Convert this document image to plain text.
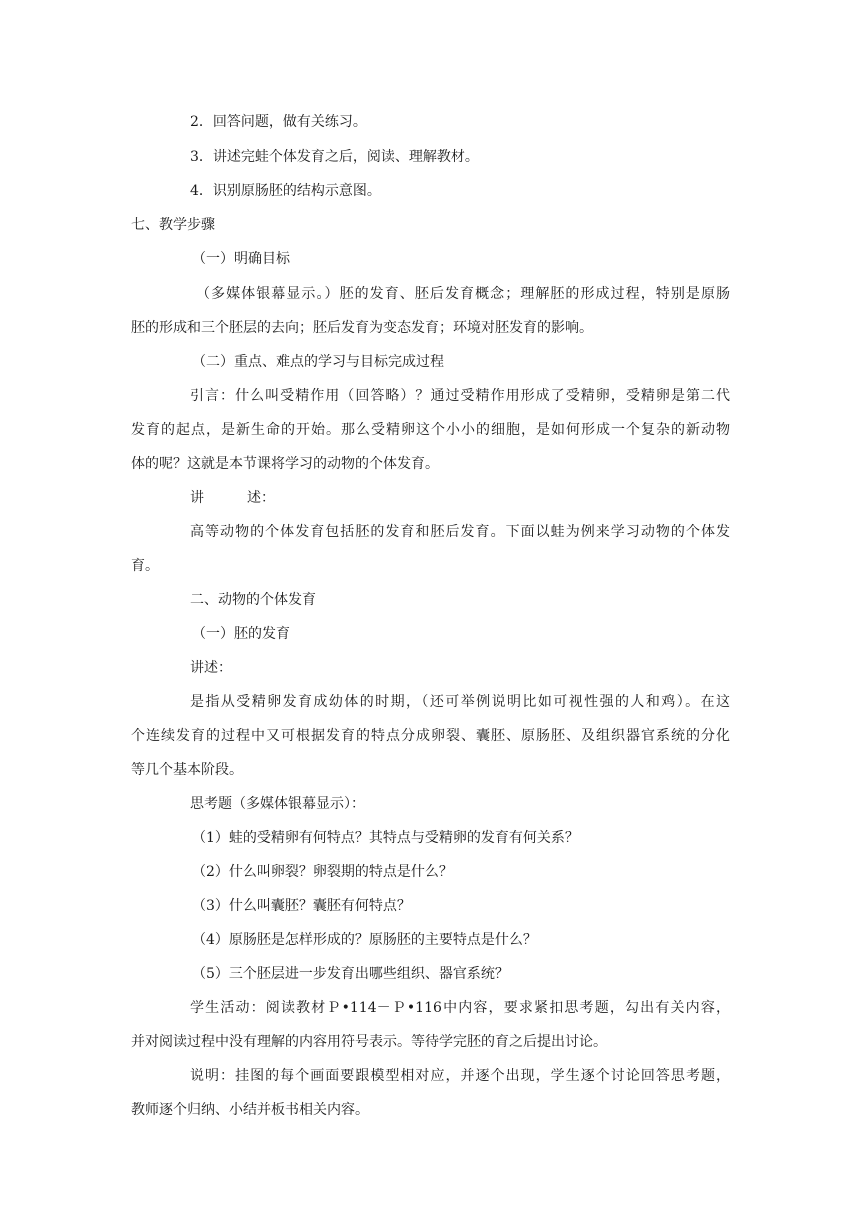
2．回答问题，做有关练习。
3．讲述完蛙个体发育之后，阅读、理解教材。
4．识别原肠胚的结构示意图。
七、教学步骤
（一）明确目标
（多媒体银幕显示。）胚的发育、胚后发育概念；理解胚的形成过程，特别是原肠
胚的形成和三个胚层的去向；胚后发育为变态发育；环境对胚发育的影响。
（二）重点、难点的学习与目标完成过程
引言：什么叫受精作用（回答略）？通过受精作用形成了受精卵，受精卵是第二代
发育的起点，是新生命的开始。那么受精卵这个小小的细胞，是如何形成一个复杂的新动物
体的呢？这就是本节课将学习的动物的个体发育。
讲	述：
高等动物的个体发育包括胚的发育和胚后发育。下面以蛙为例来学习动物的个体发
育。
二、动物的个体发育
（一）胚的发育
讲述：
是指从受精卵发育成幼体的时期，（还可举例说明比如可视性强的人和鸡）。在这
个连续发育的过程中又可根据发育的特点分成卵裂、囊胚、原肠胚、及组织器官系统的分化
等几个基本阶段。
思考题（多媒体银幕显示）：
（1）蛙的受精卵有何特点？其特点与受精卵的发育有何关系？
（2）什么叫卵裂？卵裂期的特点是什么？
（3）什么叫囊胚？囊胚有何特点？
（4）原肠胚是怎样形成的？原肠胚的主要特点是什么？
（5）三个胚层进一步发育出哪些组织、器官系统？
学生活动：阅读教材Ｐ•114－Ｐ•116中内容，要求紧扣思考题，勾出有关内容，
并对阅读过程中没有理解的内容用符号表示。等待学完胚的育之后提出讨论。
说明：挂图的每个画面要跟模型相对应，并逐个出现，学生逐个讨论回答思考题，
教师逐个归纳、小结并板书相关内容。
